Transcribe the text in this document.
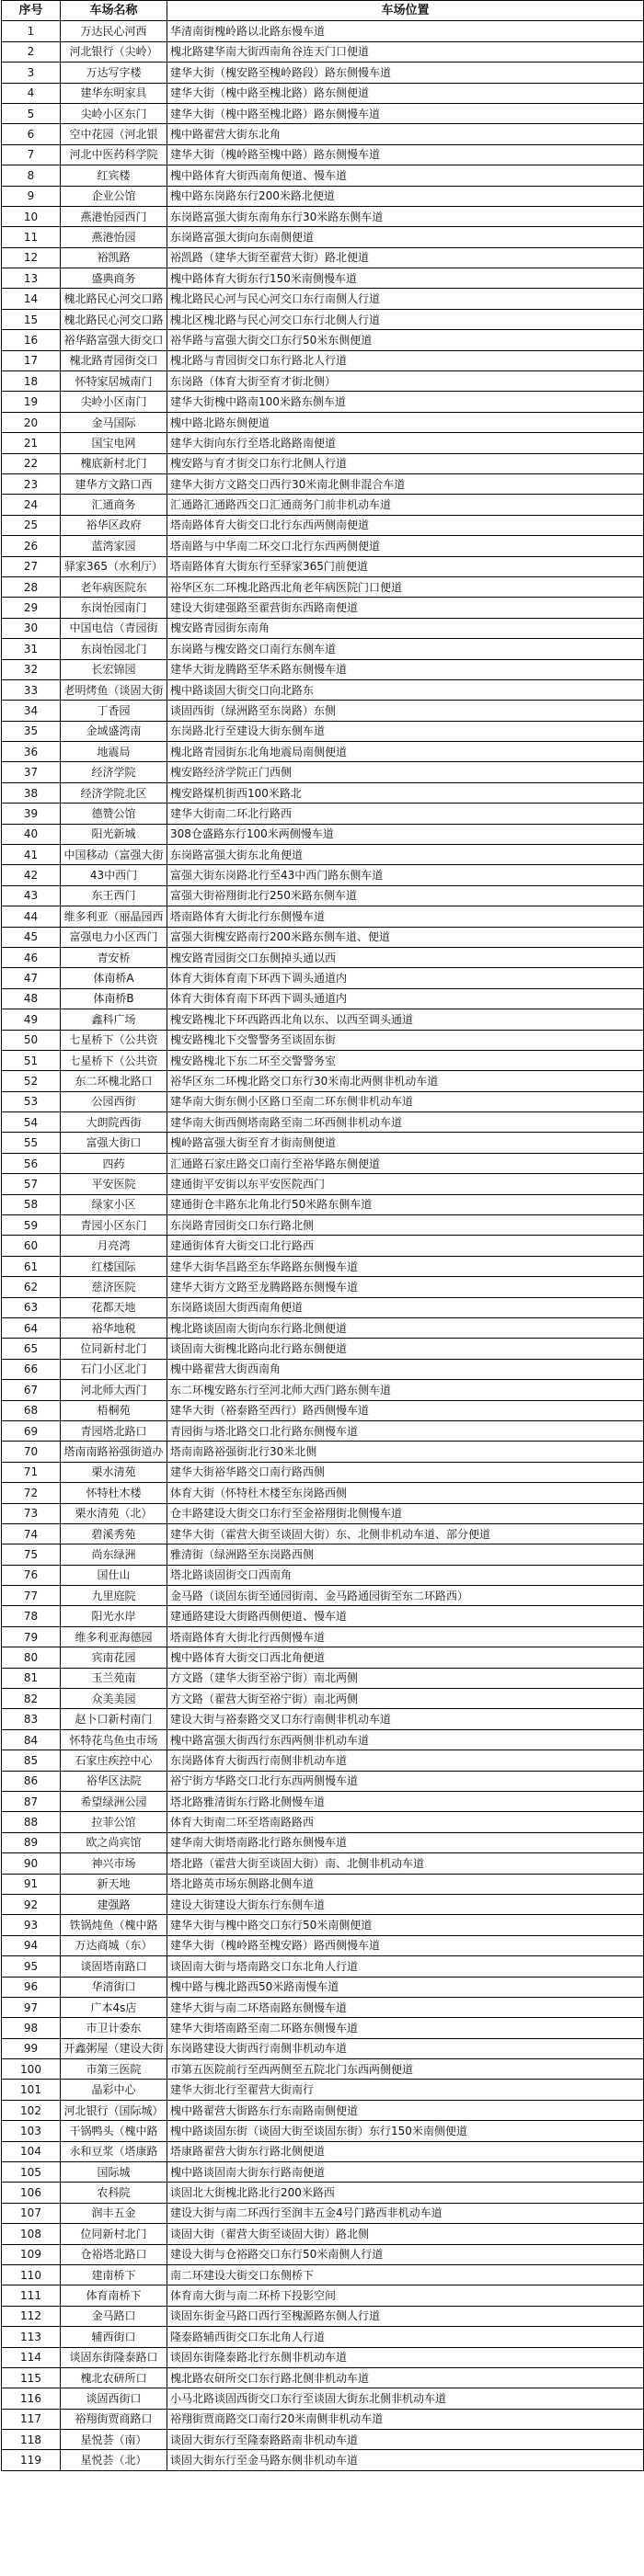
序号	车场名称	车场位置
1	万达民心河西	华清南街槐岭路以北路东慢车道
2	河北银行（尖岭）	槐北路建华南大街西南角谷连天门口便道
3	万达写字楼	建华大街（槐安路至槐岭路段）路东侧慢车道
4	建华东明家具	建华大街（槐中路至槐北路）路东侧便道
5	尖岭小区东门	建华大街（槐中路至槐北路）路东侧慢车道
6	空中花园（河北银	槐中路翟营大街东北角
7	河北中医药科学院	建华大街（槐岭路至槐中路）路东侧慢车道
8	红宾楼	槐中路体育大街西南角便道、慢车道
9	企业公馆	槐中路东岗路东行200米路北便道
10	燕港怡园西门	东岗路富强大街东南角东行30米路东侧车道
11	燕港怡园	东岗路富强大街向东南侧便道
12	裕凯路	裕凯路（建华大街至翟营大街）路北便道
13	盛典商务	槐中路体育大街东行150米南侧慢车道
14	槐北路民心河交口路	槐北路民心河与民心河交口东行南侧人行道
15	槐北路民心河交口路	槐北区槐北路与民心河交口东行北侧人行道
16	裕华路富强大街交口	裕华路与富强大街交口东行50米东侧便道
17	槐北路青园街交口	槐北路与青园街交口东行路北人行道
18	怀特家居城南门	东岗路（体育大街至育才街北侧）
19	尖岭小区南门	建华大街槐中路南100米路东侧车道
20	金马国际	槐中路北路东侧便道
21	国宝电网	建华大街向东行至塔北路路南便道
22	槐底新村北门	槐安路与育才街交口东行北侧人行道
23	建华方文路口西	建华大街方文路交口西行30米南北侧非混合车道
24	汇通商务	汇通路汇通路西交口汇通商务门前非机动车道
25	裕华区政府	塔南路体育大街交口北行东西两侧南便道
26	蓝湾家园	塔南路与中华南二环交口北行东西两侧便道
27	驿家365（水利厅）	塔南路体育大街东行至驿家365门前便道
28	老年病医院东	裕华区东二环槐北路西北角老年病医院门口便道
29	东岗怡园南门	建设大街建强路至翟营街东西路南便道
30	中国电信（青园街	槐安路青园街东南角
31	东岗怡园北门	东岗路与槐安路交口南行东侧车道
32	长宏锦园	建华大街龙腾路至华禾路东侧慢车道
33	老明烤鱼（谈固大街	槐中路谈固大街交口向北路东
34	丁香园	谈固西街（绿洲路至东岗路）东侧
35	金域盛湾南	东岗路北行至建设大街东侧车道
36	地震局	槐北路青园街东北角地震局南侧便道
37	经济学院	槐安路经济学院正门西侧
38	经济学院北区	槐安路煤机街西100米路北
39	德赞公馆	建华大街南二环北行路西
40	阳光新城	308仓盛路东行100米两侧慢车道
41	中国移动（富强大街	东岗路富强大街东北角便道
42	43中西门	富强大街东岗路北行至43中西门路东侧车道
43	东王西门	富强大街裕翔街北行250米路东侧车道
44	维多利亚（丽晶园西	塔南路体育大街北行东侧慢车道
45	富强电力小区西门	富强大街槐安路南行200米路东侧车道、便道
46	青安桥	槐安路青园街交口东侧掉头通以西
47	体南桥A	体育大街体育南下环西下调头通道内
48	体南桥B	体育大街体育南下环西下调头通道内
49	鑫科广场	槐安路槐北下环西路西北角以东、以西至调头通道
50	七星桥下（公共资	槐安路槐北下交警警务至谈固东街
51	七星桥下（公共资	槐安路槐北下东二环至交警警务室
52	东二环槐北路口	裕华区东二环槐北路交口东行30米南北两侧非机动车道
53	公园西街	建华南大街东侧小区路口至南二环东侧非机动车道
54	大朗院西街	建华南大街西侧塔南路至南二环西侧非机动车道
55	富强大街口	槐岭路富强大街至育才街南侧便道
56	四药	汇通路石家庄路交口南行至裕华路东侧便道
57	平安医院	建通街平安街以东平安医院西门
58	绿家小区	建通街仓丰路东北角北行50米路东侧车道
59	青园小区东门	东岗路青园街交口东行路北侧
60	月亮湾	建通街体育大街交口北行路西
61	红楼国际	建华大街华昌路至东华路路东侧慢车道
62	慈济医院	建华大街方文路至龙腾路路东侧慢车道
63	花都天地	东岗路谈固大街西南角便道
64	裕华地税	槐北路谈固南大街向东行路北侧便道
65	位同新村北门	谈固南大街槐北路向北行路东侧便道
66	石门小区北门	槐中路翟营大街西南角
67	河北师大西门	东二环槐安路东行至河北师大西门路东侧车道
68	梧桐苑	建华大街（裕泰路至西行）路西侧慢车道
69	青园塔北路口	青园街与塔北路交口北行路东侧慢车道
70	塔南南路裕强街道办	塔南南路裕强街北行30米北侧
71	栗水清苑	建华大街裕华路交口南行路西侧
72	怀特杜木楼	体育大街（怀特杜木楼至东岗路西侧
73	栗水清苑（北）	仓丰路建设大街交口东行至金裕翔街北侧慢车道
74	碧溪秀苑	建华大街（霍营大街至谈固大街）东、北侧非机动车道、部分便道
75	尚东绿洲	雅清街（绿洲路至东岗路西侧
76	国仕山	塔北路谈固街交口西南角
77	九里庭院	金马路（谈固东街至通园街南、金马路通园街至东二环路西）
78	阳光水岸	建通路建设大街路西侧便道、慢车道
79	维多利亚海德园	塔南路体育大街北行西侧慢车道
80	宾南花园	槐中路体育大街交口西北角便道
81	玉兰苑南	方文路（建华大街至裕宁街）南北两侧
82	众美美园	方文路（翟营大街至裕宁街）南北两侧
83	赵卜口新村南门	建设大街与裕泰路交叉口东行南侧非机动车道
84	怀特花鸟鱼虫市场	槐中路富强大街西行东西两侧非机动车道
85	石家庄疾控中心	东岗路体育大街西行南侧非机动车道
86	裕华区法院	裕宁街方华路交口北行东西两侧慢车道
87	希望绿洲公园	塔北路雅清街东行路北侧慢车道
88	拉菲公馆	体育大街南二环至塔南路路西
89	欧之尚宾馆	建华南大街塔南路北行路东侧慢车道
90	神兴市场	塔北路（霍营大街至谈固大街）南、北侧非机动车道
91	新天地	塔北路英市场东侧路北侧车道
92	建强路	建设大街建设大街东行东侧车道
93	铁锅炖鱼（槐中路	建华大街与槐中路交口东行50米南侧便道
94	万达商城（东）	建华大街（槐岭路至槐安路）路西侧慢车道
95	谈固塔南路口	谈固南大街与塔南路交口东北角人行道
96	华清街口	槐中路与槐北路西50米路南慢车道
97	广本4s店	建华大街与南二环塔南路东侧慢车道
98	市卫计委东	建华大街塔南路至南二环路东侧慢车道
99	开鑫粥屋（建设大街	东岗路建设大街西行南侧非机动车道
100	市第三医院	市第五医院前行至西两侧至五院北门东西两侧便道
101	晶彩中心	建华大街北行至翟营大街南行
102	河北银行（国际城）	槐中路翟营大街路东行东南路南侧便道
103	干锅鸭头（槐中路	槐中路谈固东街（谈固大街至谈固东街）东行150米南侧便道
104	永和豆浆（塔康路	塔康路翟营大街东行路北侧便道
105	国际城	槐中路谈固南大街东行路南便道
106	农科院	谈固北大街槐北路北行200米路西
107	润丰五金	建设大街与南二环西行至润丰五金4号门路西非机动车道
108	位同新村北门	谈固大街（翟营大街至谈固大街）路北侧
109	仓裕塔北路口	建设大街与仓裕路交口东行50米南侧人行道
110	建南桥下	南二环建设大街交口东侧桥下
111	体育南桥下	体育南大街与南二环桥下投影空间
112	金马路口	谈固东街金马路口西行至槐源路东侧人行道
113	辅西街口	隆泰路辅西街交口东北角人行道
114	谈固东街隆泰路口	谈固东街隆泰路北行东侧非机动车道
115	槐北农研所口	槐北路农研所交口东行路北侧非机动车道
116	谈固西街口	小马北路谈固西街交口东行至谈固大街东北侧非机动车道
117	裕翔街贾商路口	裕翔街贾商路交口南行20米南侧非机动车道
118	星悦荟（南）	谈固大街东行至隆泰路路南非机动车道
119	星悦荟（北）	谈固大街东行至金马路东侧非机动车道
